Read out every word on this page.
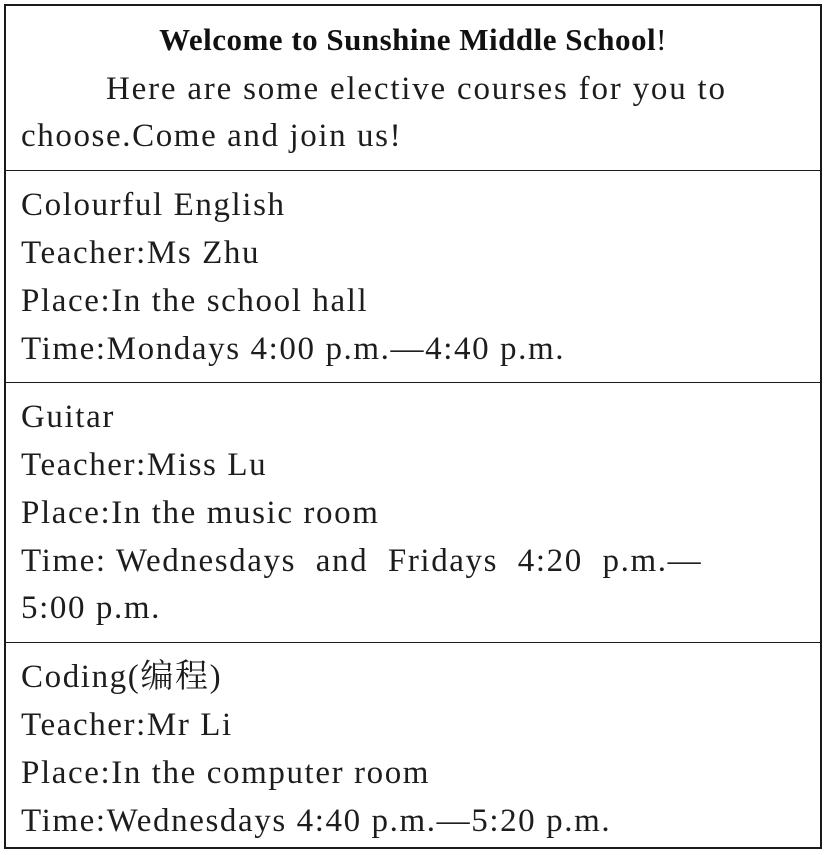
Welcome to Sunshine Middle School!
Here are some elective courses for you to
choose.Come and join us!
Colourful English
Teacher:Ms Zhu
Place:In the school hall
Time:Mondays 4:00 p.m.—4:40 p.m.
Guitar
Teacher:Miss Lu
Place:In the music room
Time: Wednesdays  and  Fridays  4:20  p.m.—
5:00 p.m.
Coding(编程)
Teacher:Mr Li
Place:In the computer room
Time:Wednesdays 4:40 p.m.—5:20 p.m.
